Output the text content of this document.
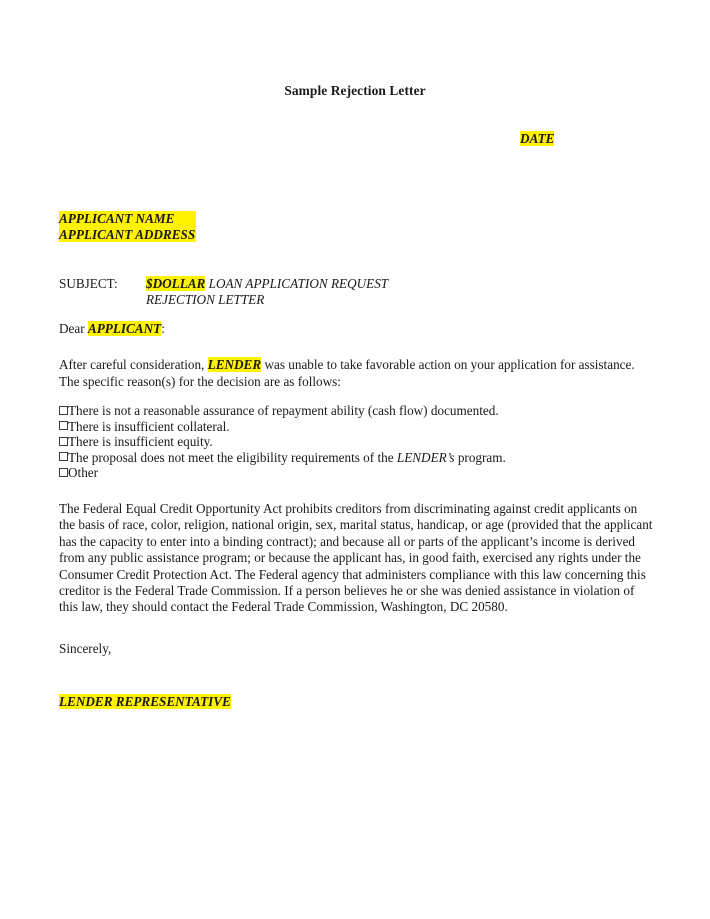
Sample Rejection Letter
DATE
APPLICANT NAME
APPLICANT ADDRESS
SUBJECT: $DOLLAR LOAN APPLICATION REQUEST
REJECTION LETTER
Dear APPLICANT:
After careful consideration, LENDER was unable to take favorable action on your application for assistance. The specific reason(s) for the decision are as follows:
There is not a reasonable assurance of repayment ability (cash flow) documented.
There is insufficient collateral.
There is insufficient equity.
The proposal does not meet the eligibility requirements of the LENDER’s program.
Other
The Federal Equal Credit Opportunity Act prohibits creditors from discriminating against credit applicants on the basis of race, color, religion, national origin, sex, marital status, handicap, or age (provided that the applicant has the capacity to enter into a binding contract); and because all or parts of the applicant’s income is derived from any public assistance program; or because the applicant has, in good faith, exercised any rights under the Consumer Credit Protection Act. The Federal agency that administers compliance with this law concerning this creditor is the Federal Trade Commission. If a person believes he or she was denied assistance in violation of this law, they should contact the Federal Trade Commission, Washington, DC 20580.
Sincerely,
LENDER REPRESENTATIVE
